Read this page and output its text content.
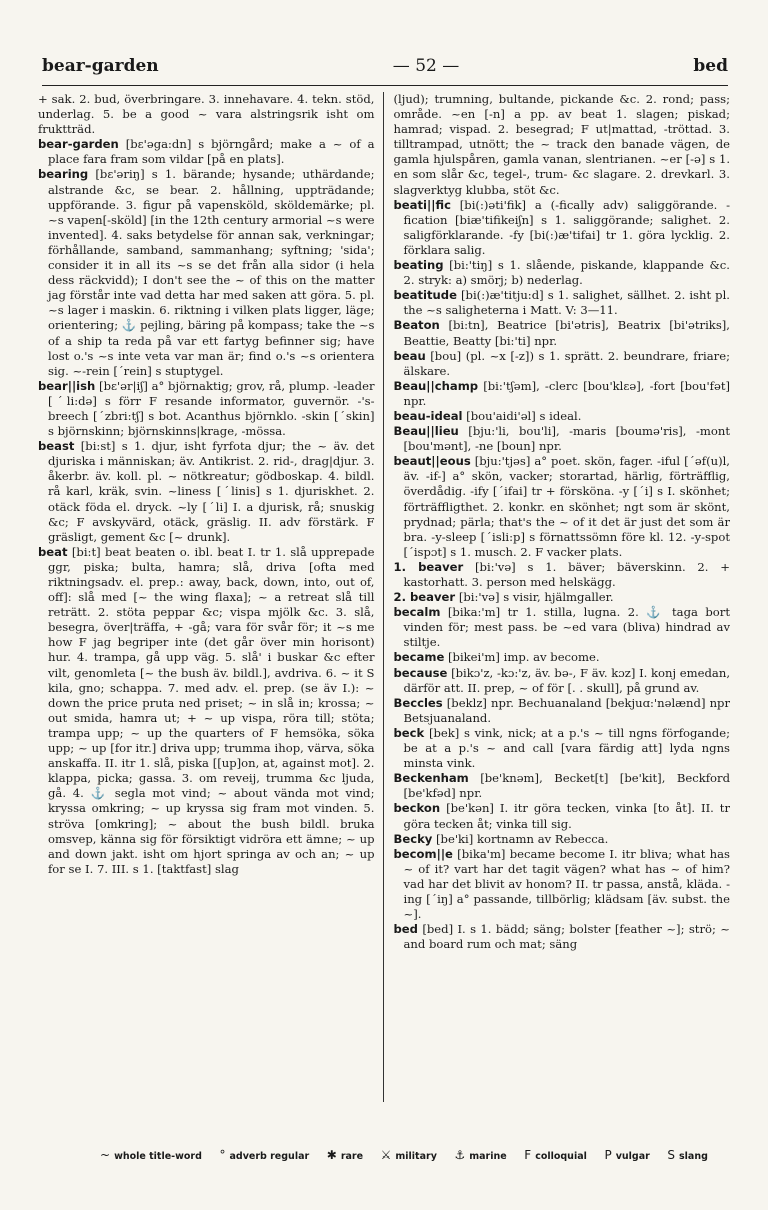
bear-garden	— 52 —	bed

+ sak. 2. bud, överbringare. 3. innehavare. 4. tekn. stöd, underlag. 5. be a good ~ vara alstringsrik isht om fruktträd.

bear-garden [bɛ'əga:dn] s björngård; make a ~ of a place fara fram som vildar [på en plats].

bearing [bɛ'əriŋ] s 1. bärande; hysande; uthärdande; alstrande &c, se bear. 2. hållning, uppträdande; uppförande. 3. figur på vapensköld, sköldemärke; pl. ~s vapen[-sköld] [in the 12th century armorial ~s were invented]. 4. saks betydelse för annan sak, verkningar; förhållande, samband, sammanhang; syftning; 'sida'; consider it in all its ~s se det från alla sidor (i hela dess räckvidd); I don't see the ~ of this on the matter jag förstår inte vad detta har med saken att göra. 5. pl. ~s lager i maskin. 6. riktning i vilken plats ligger, läge; orientering; ⚓ pejling, bäring på kompass; take the ~s of a ship ta reda på var ett fartyg befinner sig; have lost o.'s ~s inte veta var man är; find o.'s ~s orientera sig. ~-rein [ˊrein] s stuptygel.

bear||ish [bɛ'ər|iʃ] a° björnaktig; grov, rå, plump. -leader [ˊli:də] s förr F resande informator, guvernör. -'s-breech [ˊzbri:tʃ] s bot. Acanthus björnklo. -skin [ˊskin] s björnskinn; björnskinns|krage, -mössa.

beast [bi:st] s 1. djur, isht fyrfota djur; the ~ äv. det djuriska i människan; äv. Antikrist. 2. rid-, drag|djur. 3. åkerbr. äv. koll. pl. ~ nötkreatur; gödboskap. 4. bildl. rå karl, kräk, svin. ~liness [ˊlinis] s 1. djuriskhet. 2. otäck föda el. dryck. ~ly [ˊli] I. a djurisk, rå; snuskig &c; F avskyvärd, otäck, gräslig. II. adv förstärk. F gräsligt, gement &c [~ drunk].

beat [bi:t] beat beaten o. ibl. beat I. tr 1. slå upprepade ggr, piska; bulta, hamra; slå, driva [ofta med riktningsadv. el. prep.: away, back, down, into, out of, off]: slå med [~ the wing flaxa]; ~ a retreat slå till reträtt. 2. stöta peppar &c; vispa mjölk &c. 3. slå, besegra, över|träffa, + -gå; vara för svår för; it ~s me how F jag begriper inte (det går över min horisont) hur. 4. trampa, gå upp väg. 5. slå' i buskar &c efter vilt, genomleta [~ the bush äv. bildl.], avdriva. 6. ~ it S kila, gno; schappa. 7. med adv. el. prep. (se äv I.): ~ down the price pruta ned priset; ~ in slå in; krossa; ~ out smida, hamra ut; + ~ up vispa, röra till; stöta; trampa upp; ~ up the quarters of F hemsöka, söka upp; ~ up [for itr.] driva upp; trumma ihop, värva, söka anskaffa. II. itr 1. slå, piska [[up]on, at, against mot]. 2. klappa, picka; gassa. 3. om reveij, trumma &c ljuda, gå. 4. ⚓ segla mot vind; ~ about vända mot vind; kryssa omkring; ~ up kryssa sig fram mot vinden. 5. ströva [omkring]; ~ about the bush bildl. bruka omsvep, känna sig för försiktigt vidröra ett ämne; ~ up and down jakt. isht om hjort springa av och an; ~ up for se I. 7. III. s 1. [taktfast] slag

(ljud); trumning, bultande, pickande &c. 2. rond; pass; område. ~en [-n] a pp. av beat 1. slagen; piskad; hamrad; vispad. 2. besegrad; F ut|mattad, -tröttad. 3. tilltrampad, utnött; the ~ track den banade vägen, de gamla hjulspåren, gamla vanan, slentrianen. ~er [-ə] s 1. en som slår &c, tegel-, trum- &c slagare. 2. drevkarl. 3. slagverktyg klubba, stöt &c.

beati||fic [bi(:)əti'fik] a (-fically adv) saliggörande. -fication [biæ'tifikeiʃn] s 1. saliggörande; salighet. 2. saligförklarande. -fy [bi(:)æ'tifai] tr 1. göra lycklig. 2. förklara salig.

beating [bi:'tiŋ] s 1. slående, piskande, klappande &c. 2. stryk: a) smörj; b) nederlag.

beatitude [bi(:)æ'titju:d] s 1. salighet, sällhet. 2. isht pl. the ~s saligheterna i Matt. V: 3—11.

Beaton [bi:tn], Beatrice [bi'ətris], Beatrix [bi'ətriks], Beattie, Beatty [bi:'ti] npr.

beau [bou] (pl. ~x [-z]) s 1. sprätt. 2. beundrare, friare; älskare.

Beau||champ [bi:'tʃəm], -clerc [bou'klɛə], -fort [bou'fət] npr.

beau-ideal [bou'aidi'əl] s ideal.

Beau||lieu [bju:'li, bou'li], -maris [boumə'ris], -mont [bou'mənt], -ne [boun] npr.

beaut||eous [bju:'tjəs] a° poet. skön, fager. -iful [ˊəf(u)l, äv. -if-] a° skön, vacker; storartad, härlig, förträfflig, överdådig. -ify [ˊifai] tr + förskönа. -y [ˊi] s I. skönhet; förträffligthet. 2. konkr. en skönhet; ngt som är skönt, prydnad; pärla; that's the ~ of it det är just det som är bra. -y-sleep [ˊisli:p] s förnattssömn före kl. 12. -y-spot [ˊispɔt] s 1. musch. 2. F vacker plats.

1. beaver [bi:'və] s 1. bäver; bäverskinn. 2. + kastorhatt. 3. person med helskägg.

2. beaver [bi:'və] s visir, hjälmgaller.

becalm [bika:'m] tr 1. stilla, lugna. 2. ⚓ taga bort vinden för; mest pass. be ~ed vara (bliva) hindrad av stiltje.

became [bikei'm] imp. av become.

because [bikɔ'z, -kɔ:'z, äv. bə-, F äv. kɔz] I. konj emedan, därför att. II. prep, ~ of för [. . skull], på grund av.

Beccles [beklz] npr. Bechuanaland [bekjuɑ:'nəlænd] npr Betsjuanaland.

beck [bek] s vink, nick; at a p.'s ~ till ngns förfogande; be at a p.'s ~ and call [vara färdig att] lyda ngns minsta vink.

Beckenham [be'knəm], Becket[t] [be'kit], Beckford [be'kfəd] npr.

beckon [be'kən] I. itr göra tecken, vinka [to åt]. II. tr göra tecken åt; vinka till sig.

Becky [be'ki] kortnamn av Rebecca.

becom||e [bika'm] became become I. itr bliva; what has ~ of it? vart har det tagit vägen? what has ~ of him? vad har det blivit av honom? II. tr passa, anstå, kläda. -ing [ˊiŋ] a° passande, tillbörlig; klädsam [äv. subst. the ~].

bed [bed] I. s 1. bädd; säng; bolster [feather ~]; strö; ~ and board rum och mat; säng

~ whole title-word ° adverb regular ✱ rare ⚔ military ⚓ marine F colloquial P vulgar S slang
